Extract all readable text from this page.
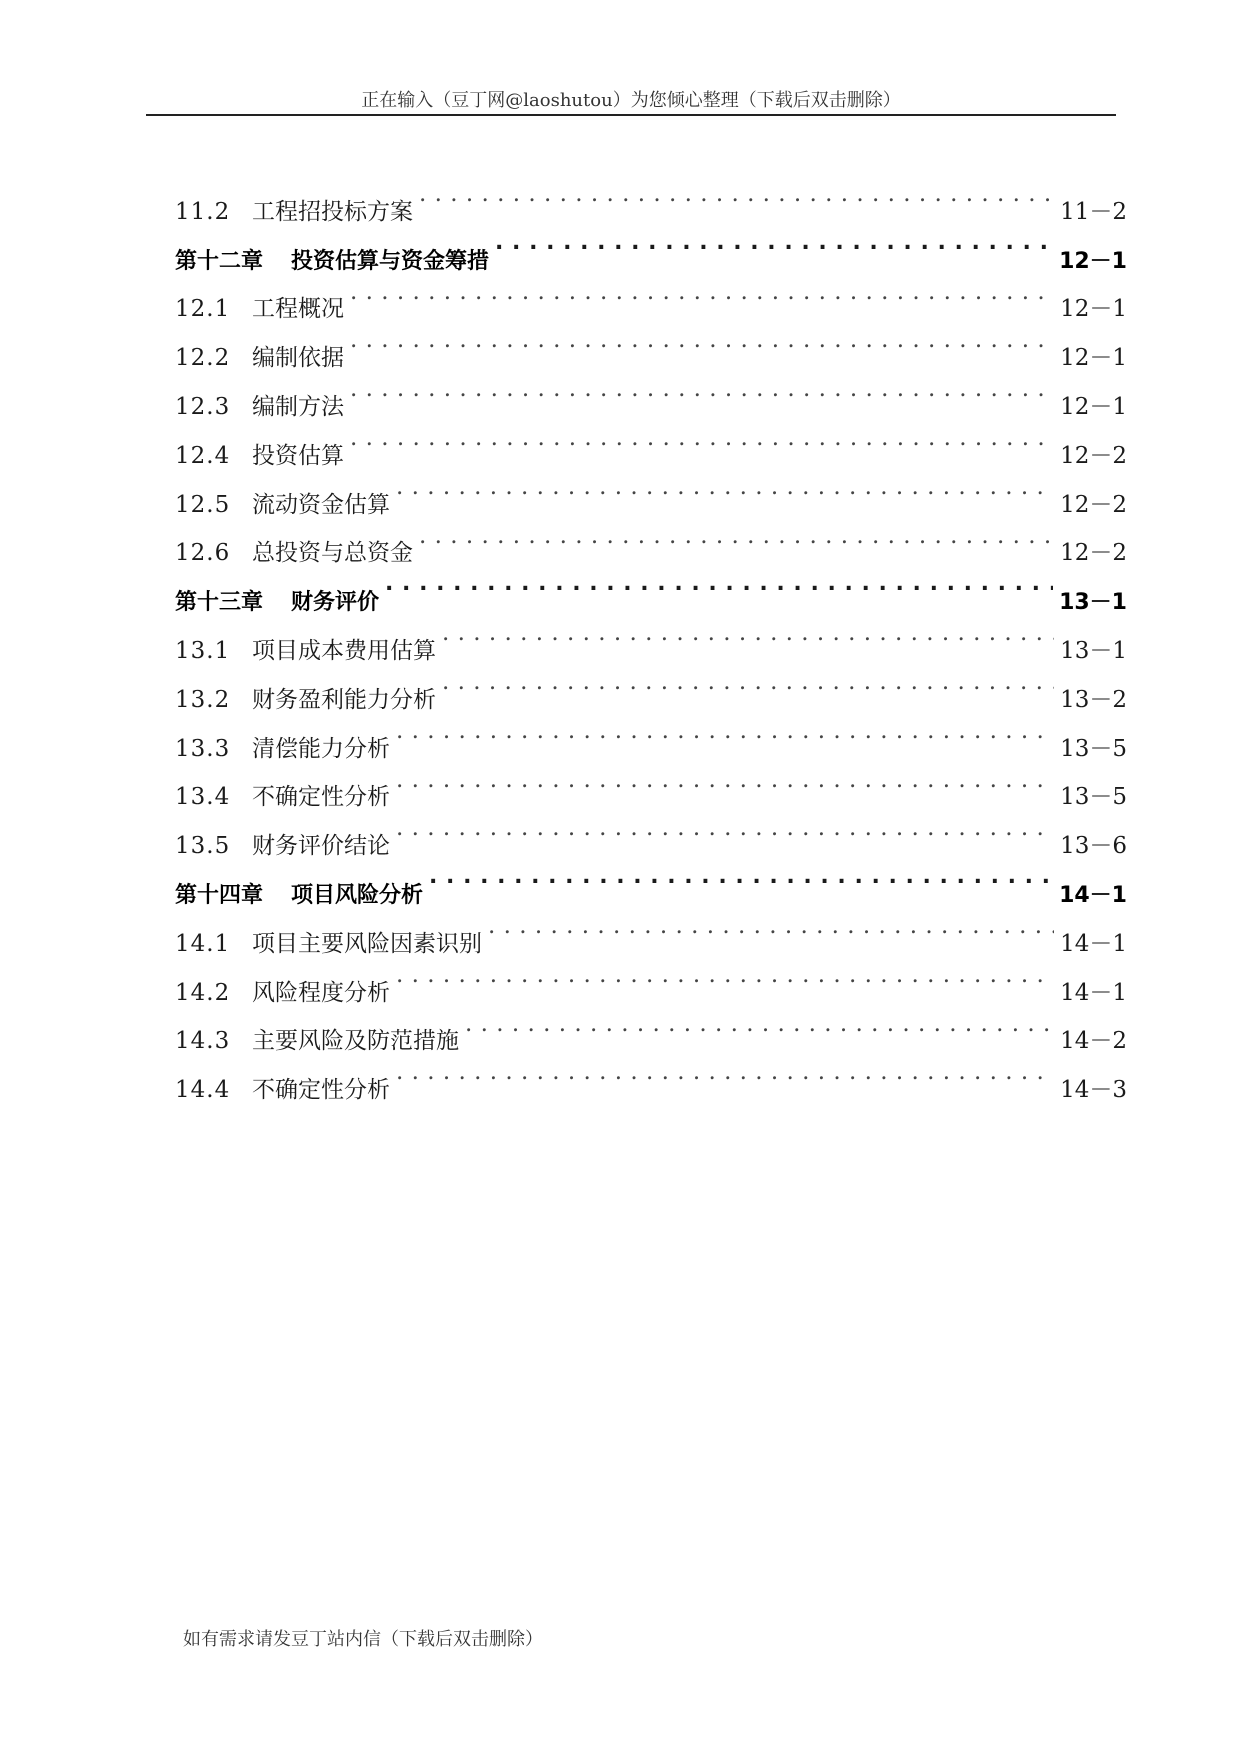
正在输入（豆丁网@laoshutou）为您倾心整理（下载后双击删除）
11.2 工程招投标方案 . . .	11－2
第十二章	投资估算与资金筹措 . . .	12－1
12.1 工程概况 . . .	12－1
12.2 编制依据 . . .	12－1
12.3 编制方法 . . .	12－1
12.4 投资估算 . . .	12－2
12.5 流动资金估算 . . .	12－2
12.6 总投资与总资金 . . .	12－2
第十三章	财务评价 . . .	13－1
13.1 项目成本费用估算 . . .	13－1
13.2 财务盈利能力分析 . . .	13－2
13.3 清偿能力分析 . . .	13－5
13.4 不确定性分析 . . .	13－5
13.5 财务评价结论 . . .	13－6
第十四章	项目风险分析 . . .	14－1
14.1 项目主要风险因素识别 . . .	14－1
14.2 风险程度分析 . . .	14－1
14.3 主要风险及防范措施 . . .	14－2
14.4 不确定性分析 . . .	14－3
如有需求请发豆丁站内信（下载后双击删除）
